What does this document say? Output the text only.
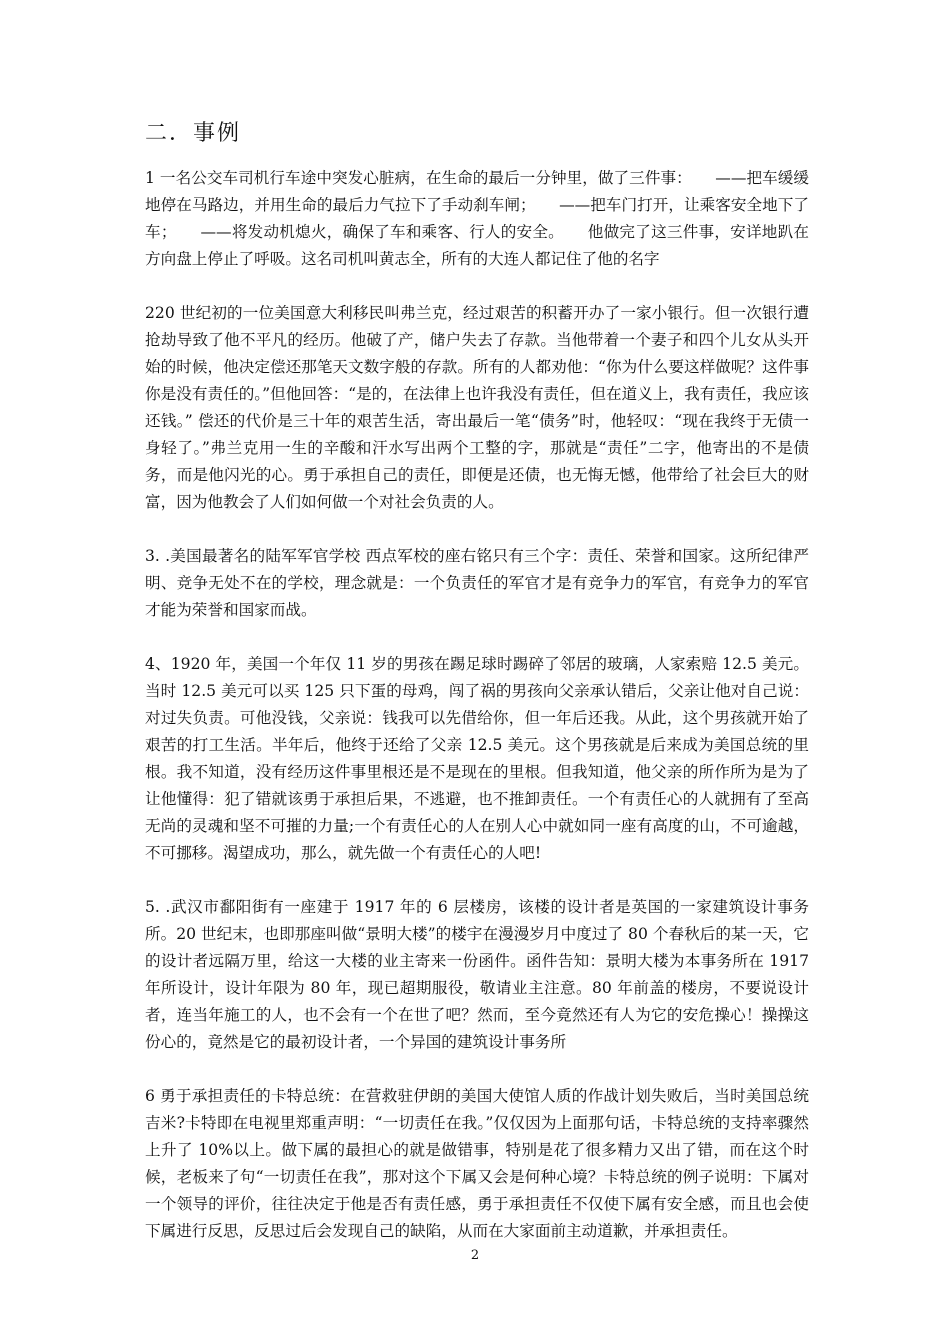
二．事例

1 一名公交车司机行车途中突发心脏病，在生命的最后一分钟里，做了三件事：　　——把车缓缓地停在马路边，并用生命的最后力气拉下了手动刹车闸；　　——把车门打开，让乘客安全地下了车；　　——将发动机熄火，确保了车和乘客、行人的安全。　　他做完了这三件事，安详地趴在方向盘上停止了呼吸。这名司机叫黄志全，所有的大连人都记住了他的名字

220 世纪初的一位美国意大利移民叫弗兰克，经过艰苦的积蓄开办了一家小银行。但一次银行遭抢劫导致了他不平凡的经历。他破了产，储户失去了存款。当他带着一个妻子和四个儿女从头开始的时候，他决定偿还那笔天文数字般的存款。所有的人都劝他：“你为什么要这样做呢？这件事你是没有责任的。”但他回答：“是的，在法律上也许我没有责任，但在道义上，我有责任，我应该还钱。” 偿还的代价是三十年的艰苦生活，寄出最后一笔“债务”时，他轻叹：“现在我终于无债一身轻了。”弗兰克用一生的辛酸和汗水写出两个工整的字，那就是“责任”二字，他寄出的不是债务，而是他闪光的心。勇于承担自己的责任，即便是还债，也无悔无憾，他带给了社会巨大的财富，因为他教会了人们如何做一个对社会负责的人。

3. .美国最著名的陆军军官学校 西点军校的座右铭只有三个字：责任、荣誉和国家。这所纪律严明、竞争无处不在的学校，理念就是：一个负责任的军官才是有竞争力的军官，有竞争力的军官才能为荣誉和国家而战。

4、1920 年，美国一个年仅 11 岁的男孩在踢足球时踢碎了邻居的玻璃，人家索赔 12.5 美元。当时 12.5 美元可以买 125 只下蛋的母鸡，闯了祸的男孩向父亲承认错后，父亲让他对自己说：对过失负责。可他没钱，父亲说：钱我可以先借给你，但一年后还我。从此，这个男孩就开始了艰苦的打工生活。半年后，他终于还给了父亲 12.5 美元。这个男孩就是后来成为美国总统的里根。我不知道，没有经历这件事里根还是不是现在的里根。但我知道，他父亲的所作所为是为了让他懂得：犯了错就该勇于承担后果，不逃避，也不推卸责任。一个有责任心的人就拥有了至高无尚的灵魂和坚不可摧的力量;一个有责任心的人在别人心中就如同一座有高度的山，不可逾越，不可挪移。渴望成功，那么，就先做一个有责任心的人吧!

5. .武汉市鄱阳街有一座建于 1917 年的 6 层楼房，该楼的设计者是英国的一家建筑设计事务所。20 世纪末，也即那座叫做“景明大楼”的楼宇在漫漫岁月中度过了 80 个春秋后的某一天，它的设计者远隔万里，给这一大楼的业主寄来一份函件。函件告知：景明大楼为本事务所在 1917 年所设计，设计年限为 80 年，现已超期服役，敬请业主注意。80 年前盖的楼房，不要说设计者，连当年施工的人，也不会有一个在世了吧？然而，至今竟然还有人为它的安危操心！操操这份心的，竟然是它的最初设计者，一个异国的建筑设计事务所

6 勇于承担责任的卡特总统：在营救驻伊朗的美国大使馆人质的作战计划失败后，当时美国总统吉米?卡特即在电视里郑重声明：“一切责任在我。”仅仅因为上面那句话，卡特总统的支持率骤然上升了 10%以上。做下属的最担心的就是做错事，特别是花了很多精力又出了错，而在这个时候，老板来了句“一切责任在我”，那对这个下属又会是何种心境？卡特总统的例子说明：下属对一个领导的评价，往往决定于他是否有责任感，勇于承担责任不仅使下属有安全感，而且也会使下属进行反思，反思过后会发现自己的缺陷，从而在大家面前主动道歉，并承担责任。

2
